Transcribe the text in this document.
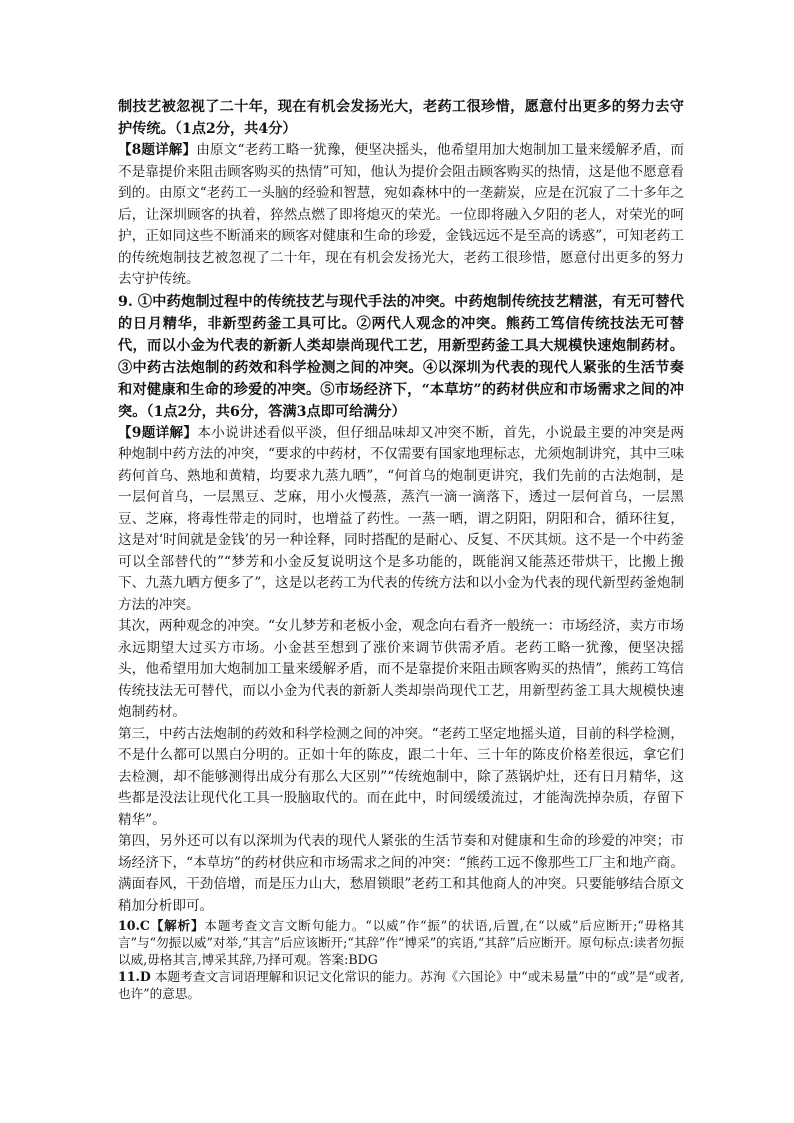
制技艺被忽视了二十年，现在有机会发扬光大，老药工很珍惜，愿意付出更多的努力去守护传统。（1点2分，共4分）

【8题详解】由原文“老药工略一犹豫，便坚决摇头，他希望用加大炮制加工量来缓解矛盾，而不是靠提价来阻击顾客购买的热情”可知，他认为提价会阻击顾客购买的热情，这是他不愿意看到的。由原文“老药工一头脑的经验和智慧，宛如森林中的一垄薪炭，应是在沉寂了二十多年之后，让深圳顾客的执着，猝然点燃了即将熄灭的荣光。一位即将融入夕阳的老人，对荣光的呵护，正如同这些不断涌来的顾客对健康和生命的珍爱，金钱远远不是至高的诱惑”，可知老药工的传统炮制技艺被忽视了二十年，现在有机会发扬光大，老药工很珍惜，愿意付出更多的努力去守护传统。

9. ①中药炮制过程中的传统技艺与现代手法的冲突。中药炮制传统技艺精湛，有无可替代的日月精华，非新型药釜工具可比。②两代人观念的冲突。熊药工笃信传统技法无可替代，而以小金为代表的新新人类却崇尚现代工艺，用新型药釜工具大规模快速炮制药材。③中药古法炮制的药效和科学检测之间的冲突。④以深圳为代表的现代人紧张的生活节奏和对健康和生命的珍爱的冲突。⑤市场经济下，“本草坊”的药材供应和市场需求之间的冲突。（1点2分，共6分，答满3点即可给满分）

【9题详解】本小说讲述看似平淡，但仔细品味却又冲突不断，首先，小说最主要的冲突是两种炮制中药方法的冲突，“要求的中药材，不仅需要有国家地理标志，尤须炮制讲究，其中三味药何首乌、熟地和黄精，均要求九蒸九晒”，“何首乌的炮制更讲究，我们先前的古法炮制，是一层何首乌，一层黑豆、芝麻，用小火慢蒸，蒸汽一滴一滴落下，透过一层何首乌，一层黑豆、芝麻，将毒性带走的同时，也增益了药性。一蒸一晒，谓之阴阳，阴阳和合，循环往复，这是对‘时间就是金钱’的另一种诠释，同时搭配的是耐心、反复、不厌其烦。这不是一个中药釜可以全部替代的”“梦芳和小金反复说明这个是多功能的，既能润又能蒸还带烘干，比搬上搬下、九蒸九晒方便多了”，这是以老药工为代表的传统方法和以小金为代表的现代新型药釜炮制方法的冲突。

其次，两种观念的冲突。“女儿梦芳和老板小金，观念向右看齐一般统一：市场经济，卖方市场永远期望大过买方市场。小金甚至想到了涨价来调节供需矛盾。老药工略一犹豫，便坚决摇头，他希望用加大炮制加工量来缓解矛盾，而不是靠提价来阻击顾客购买的热情”，熊药工笃信传统技法无可替代，而以小金为代表的新新人类却崇尚现代工艺，用新型药釜工具大规模快速炮制药材。

第三，中药古法炮制的药效和科学检测之间的冲突。“老药工坚定地摇头道，目前的科学检测，不是什么都可以黑白分明的。正如十年的陈皮，跟二十年、三十年的陈皮价格差很远，拿它们去检测，却不能够测得出成分有那么大区别”“传统炮制中，除了蒸锅炉灶，还有日月精华，这些都是没法让现代化工具一股脑取代的。而在此中，时间缓缓流过，才能淘洗掉杂质，存留下精华”。

第四，另外还可以有以深圳为代表的现代人紧张的生活节奏和对健康和生命的珍爱的冲突；市场经济下，“本草坊”的药材供应和市场需求之间的冲突：“熊药工远不像那些工厂主和地产商。满面春风，干劲倍增，而是压力山大，愁眉锁眼”老药工和其他商人的冲突。只要能够结合原文稍加分析即可。

10.C【解析】本题考查文言文断句能力。“以威”作“振”的状语,后置,在“以威”后应断开;“毋格其言”与“勿振以威”对举,“其言”后应该断开;“其辞”作“博采”的宾语,“其辞”后应断开。原句标点:读者勿振以威,毋格其言,博采其辞,乃择可观。答案:BDG

11.D 本题考查文言词语理解和识记文化常识的能力。苏洵《六国论》中“或未易量”中的“或”是“或者,也许”的意思。
